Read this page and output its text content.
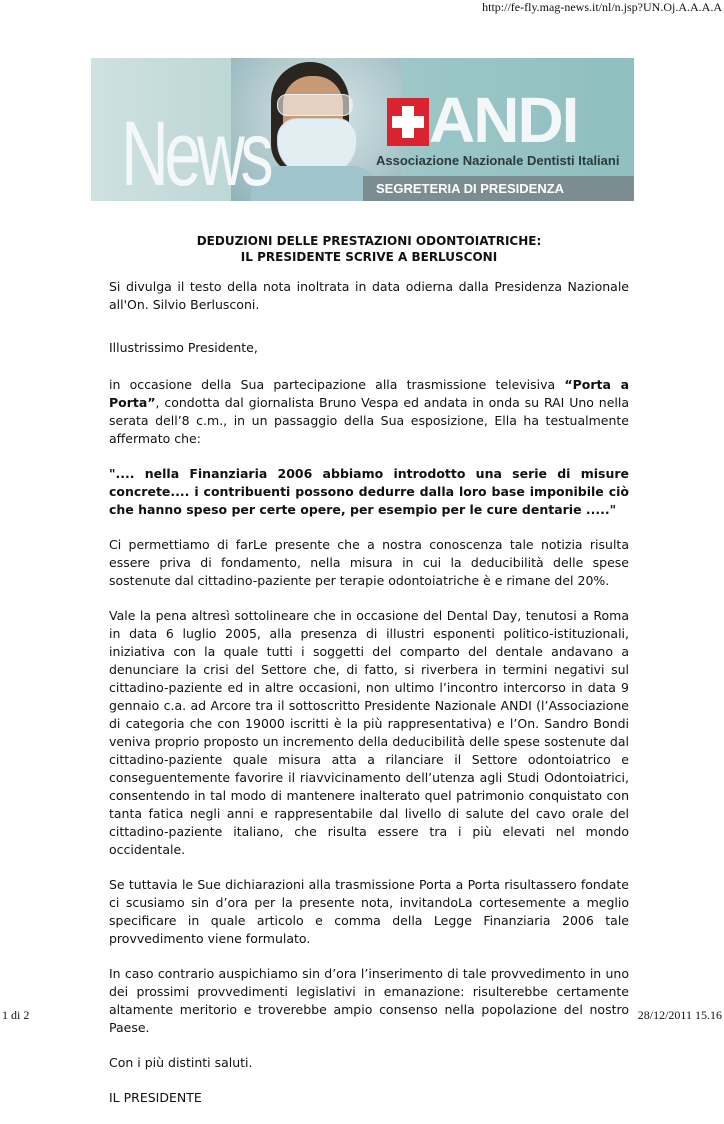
http://fe-fly.mag-news.it/nl/n.jsp?UN.Oj.A.A.A.A
News ANDI
Associazione Nazionale Dentisti Italiani
SEGRETERIA DI PRESIDENZA
DEDUZIONI DELLE PRESTAZIONI ODONTOIATRICHE:
IL PRESIDENTE SCRIVE A BERLUSCONI

Si divulga il testo della nota inoltrata in data odierna dalla Presidenza Nazionale all'On. Silvio Berlusconi.

Illustrissimo Presidente,

in occasione della Sua partecipazione alla trasmissione televisiva “Porta a Porta”, condotta dal giornalista Bruno Vespa ed andata in onda su RAI Uno nella serata dell’8 c.m., in un passaggio della Sua esposizione, Ella ha testualmente affermato che:

".... nella Finanziaria 2006 abbiamo introdotto una serie di misure concrete.... i contribuenti possono dedurre dalla loro base imponibile ciò che hanno speso per certe opere, per esempio per le cure dentarie ....."

Ci permettiamo di farLe presente che a nostra conoscenza tale notizia risulta essere priva di fondamento, nella misura in cui la deducibilità delle spese sostenute dal cittadino-paziente per terapie odontoiatriche è e rimane del 20%.

Vale la pena altresì sottolineare che in occasione del Dental Day, tenutosi a Roma in data 6 luglio 2005, alla presenza di illustri esponenti politico-istituzionali, iniziativa con la quale tutti i soggetti del comparto del dentale andavano a denunciare la crisi del Settore che, di fatto, si riverbera in termini negativi sul cittadino-paziente ed in altre occasioni, non ultimo l’incontro intercorso in data 9 gennaio c.a. ad Arcore tra il sottoscritto Presidente Nazionale ANDI (l’Associazione di categoria che con 19000 iscritti è la più rappresentativa) e l’On. Sandro Bondi veniva proprio proposto un incremento della deducibilità delle spese sostenute dal cittadino-paziente quale misura atta a rilanciare il Settore odontoiatrico e conseguentemente favorire il riavvicinamento dell’utenza agli Studi Odontoiatrici, consentendo in tal modo di mantenere inalterato quel patrimonio conquistato con tanta fatica negli anni e rappresentabile dal livello di salute del cavo orale del cittadino-paziente italiano, che risulta essere tra i più elevati nel mondo occidentale.

Se tuttavia le Sue dichiarazioni alla trasmissione Porta a Porta risultassero fondate ci scusiamo sin d’ora per la presente nota, invitandoLa cortesemente a meglio specificare in quale articolo e comma della Legge Finanziaria 2006 tale provvedimento viene formulato.

In caso contrario auspichiamo sin d’ora l’inserimento di tale provvedimento in uno dei prossimi provvedimenti legislativi in emanazione: risulterebbe certamente altamente meritorio e troverebbe ampio consenso nella popolazione del nostro Paese.

Con i più distinti saluti.

IL PRESIDENTE

1 di 2	28/12/2011 15.16
